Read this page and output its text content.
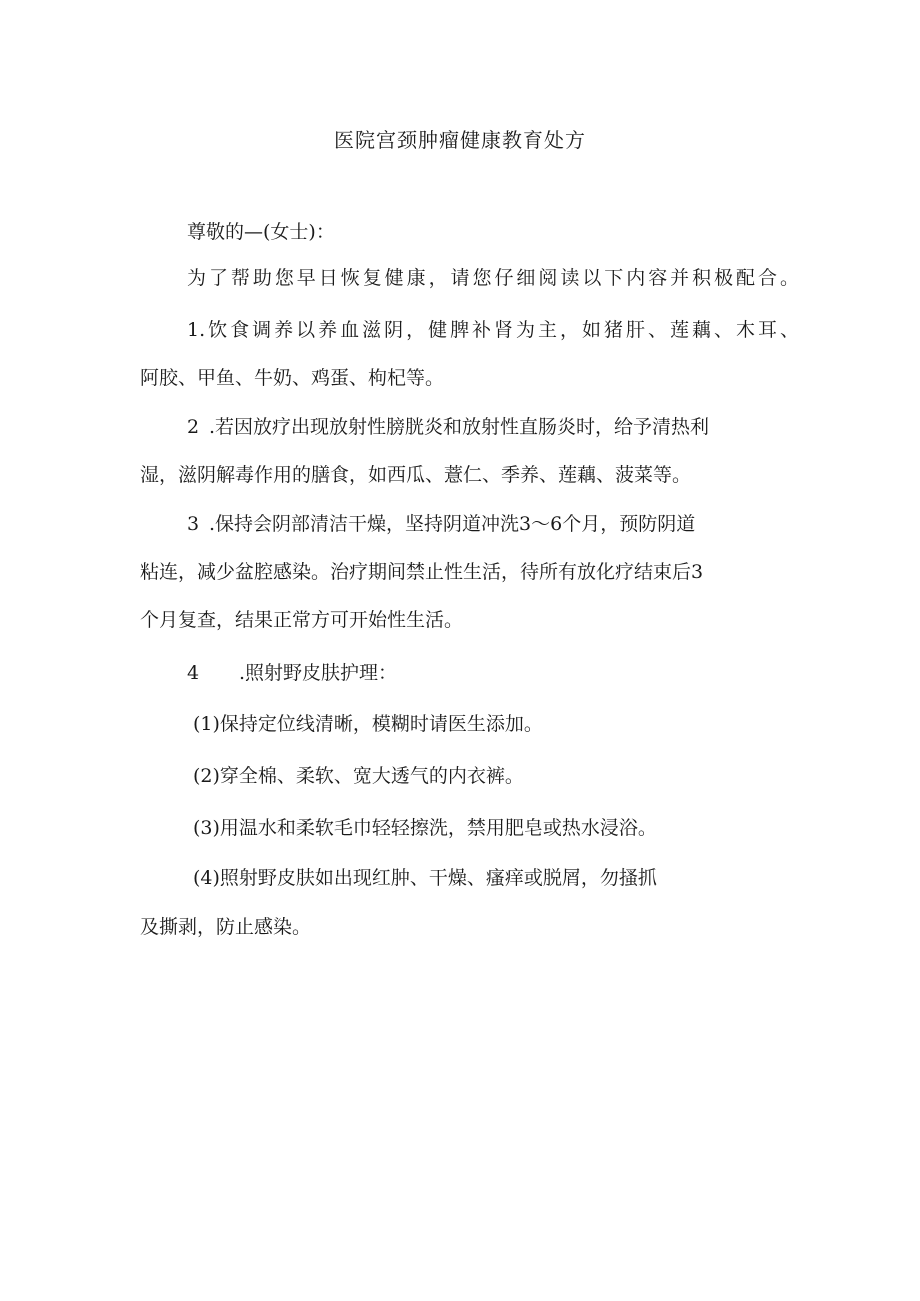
医院宫颈肿瘤健康教育处方
尊敬的—(女士)：
为了帮助您早日恢复健康，请您仔细阅读以下内容并积极配合。
1.饮食调养以养血滋阴，健脾补肾为主，如猪肝、莲藕、木耳、
阿胶、甲鱼、牛奶、鸡蛋、枸杞等。
2 .若因放疗出现放射性膀胱炎和放射性直肠炎时，给予清热利
湿，滋阴解毒作用的膳食，如西瓜、薏仁、季养、莲藕、菠菜等。
3 .保持会阴部清洁干燥，坚持阴道冲洗3～6个月，预防阴道
粘连，减少盆腔感染。治疗期间禁止性生活，待所有放化疗结束后3
个月复查，结果正常方可开始性生活。
4 .照射野皮肤护理：
(1)保持定位线清晰，模糊时请医生添加。
(2)穿全棉、柔软、宽大透气的内衣裤。
(3)用温水和柔软毛巾轻轻擦洗，禁用肥皂或热水浸浴。
(4)照射野皮肤如出现红肿、干燥、瘙痒或脱屑，勿搔抓
及撕剥，防止感染。
